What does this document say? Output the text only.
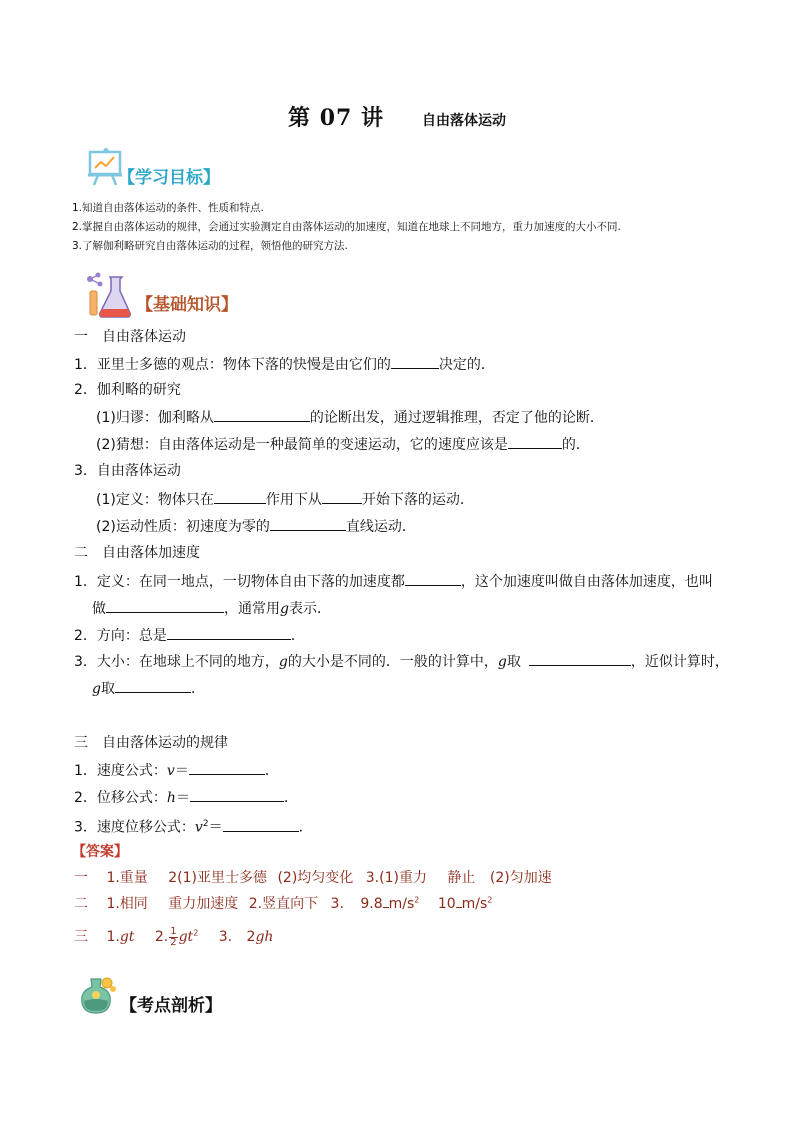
第 07 讲	自由落体运动
【学习目标】
1.知道自由落体运动的条件、性质和特点.
2.掌握自由落体运动的规律，会通过实验测定自由落体运动的加速度，知道在地球上不同地方，重力加速度的大小不同.
3.了解伽利略研究自由落体运动的过程，领悟他的研究方法.
【基础知识】
一　自由落体运动
1．亚里士多德的观点：物体下落的快慢是由它们的	决定的．
2．伽利略的研究
(1)归谬：伽利略从	的论断出发，通过逻辑推理，否定了他的论断．
(2)猜想：自由落体运动是一种最简单的变速运动，它的速度应该是	的．
3．自由落体运动
(1)定义：物体只在	作用下从	开始下落的运动．
(2)运动性质：初速度为零的	直线运动．
二　自由落体加速度
1．定义：在同一地点，一切物体自由下落的加速度都	，这个加速度叫做自由落体加速度，也叫
做	，通常用g表示．
2．方向：总是	．
3．大小：在地球上不同的地方，g的大小是不同的．一般的计算中，g取	，近似计算时，
g取	．
三　自由落体运动的规律
1．速度公式：v＝	．
2．位移公式：h＝	．
3．速度位移公式：$v^2=$	．
【答案】
一 1.重量 2(1)亚里士多德 (2)均匀变化 3.(1)重力 静止 (2)匀加速
二 1.相同 重力加速度 2.竖直向下 3. 9.8 $m/s^2$ 10 $m/s^2$
三 1.gt 2. $\frac{1}{2} gt^2$ 3. 2gh
【考点剖析】
